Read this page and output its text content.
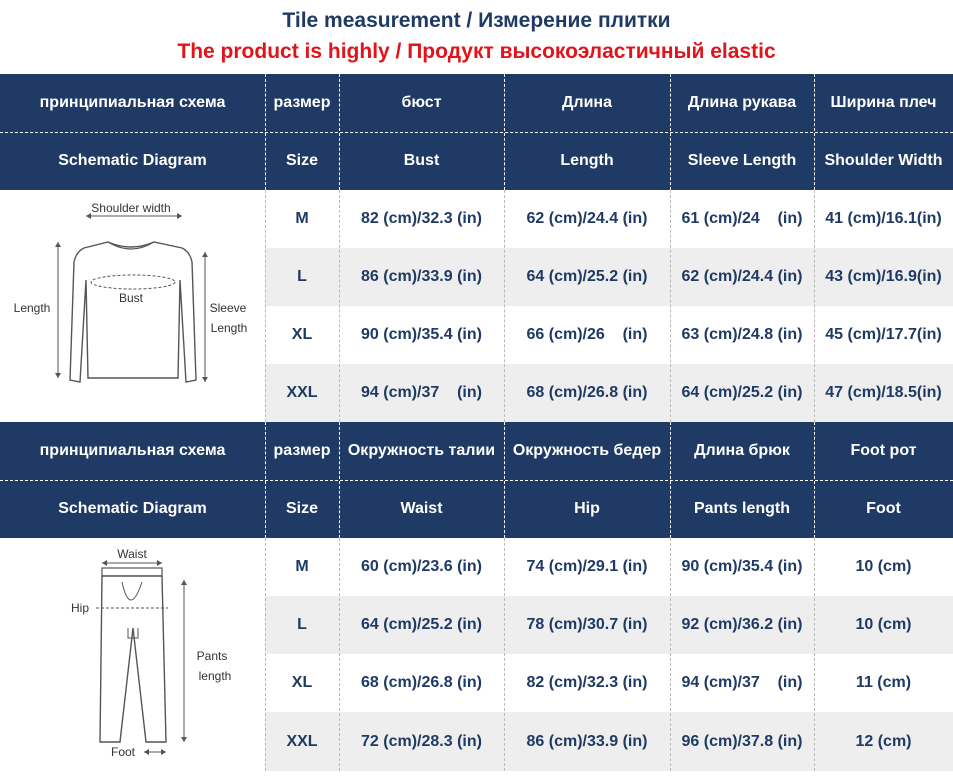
Tile measurement / Измерение плитки
The product is highly / Продукт высокоэластичный elastic
принципиальная схема	размер	бюст	Длина	Длина рукава	Ширина плеч
Schematic Diagram	Size	Bust	Length	Sleeve Length	Shoulder Width
Shoulder width
Bust
Length	Sleeve
Length
M	82 (cm)/32.3 (in)	62 (cm)/24.4 (in)	61 (cm)/24    (in)	41 (cm)/16.1(in)
L	86 (cm)/33.9 (in)	64 (cm)/25.2 (in)	62 (cm)/24.4 (in)	43 (cm)/16.9(in)
XL	90 (cm)/35.4 (in)	66 (cm)/26    (in)	63 (cm)/24.8 (in)	45 (cm)/17.7(in)
XXL	94 (cm)/37    (in)	68 (cm)/26.8 (in)	64 (cm)/25.2 (in)	47 (cm)/18.5(in)
принципиальная схема	размер	Окружность талии	Окружность бедер	Длина брюк	Foot рот
Schematic Diagram	Size	Waist	Hip	Pants length	Foot
Waist
Hip
Pants
length
Foot
M	60 (cm)/23.6 (in)	74 (cm)/29.1 (in)	90 (cm)/35.4 (in)	10 (cm)
L	64 (cm)/25.2 (in)	78 (cm)/30.7 (in)	92 (cm)/36.2 (in)	10 (cm)
XL	68 (cm)/26.8 (in)	82 (cm)/32.3 (in)	94 (cm)/37    (in)	11 (cm)
XXL	72 (cm)/28.3 (in)	86 (cm)/33.9 (in)	96 (cm)/37.8 (in)	12 (cm)
